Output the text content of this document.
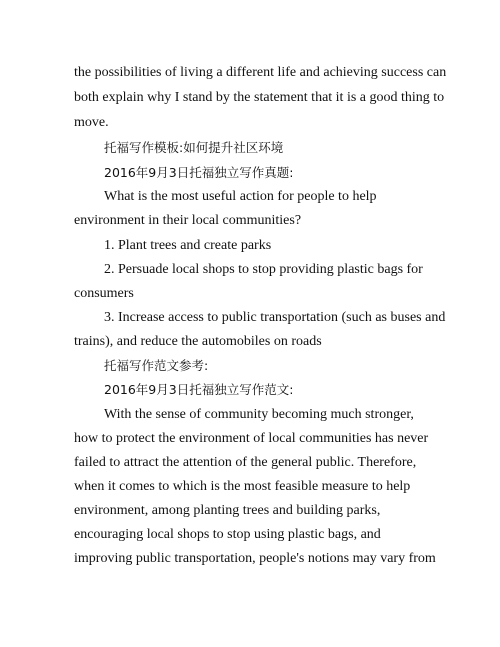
the possibilities of living a different life and achieving success can
both explain why I stand by the statement that it is a good thing to
move.
托福写作模板:如何提升社区环境
2016年9月3日托福独立写作真题:
What is the most useful action for people to help
environment in their local communities?
1. Plant trees and create parks
2. Persuade local shops to stop providing plastic bags for
consumers
3. Increase access to public transportation (such as buses and
trains), and reduce the automobiles on roads
托福写作范文参考:
2016年9月3日托福独立写作范文:
With the sense of community becoming much stronger,
how to protect the environment of local communities has never
failed to attract the attention of the general public. Therefore,
when it comes to which is the most feasible measure to help
environment, among planting trees and building parks,
encouraging local shops to stop using plastic bags, and
improving public transportation, people's notions may vary from
